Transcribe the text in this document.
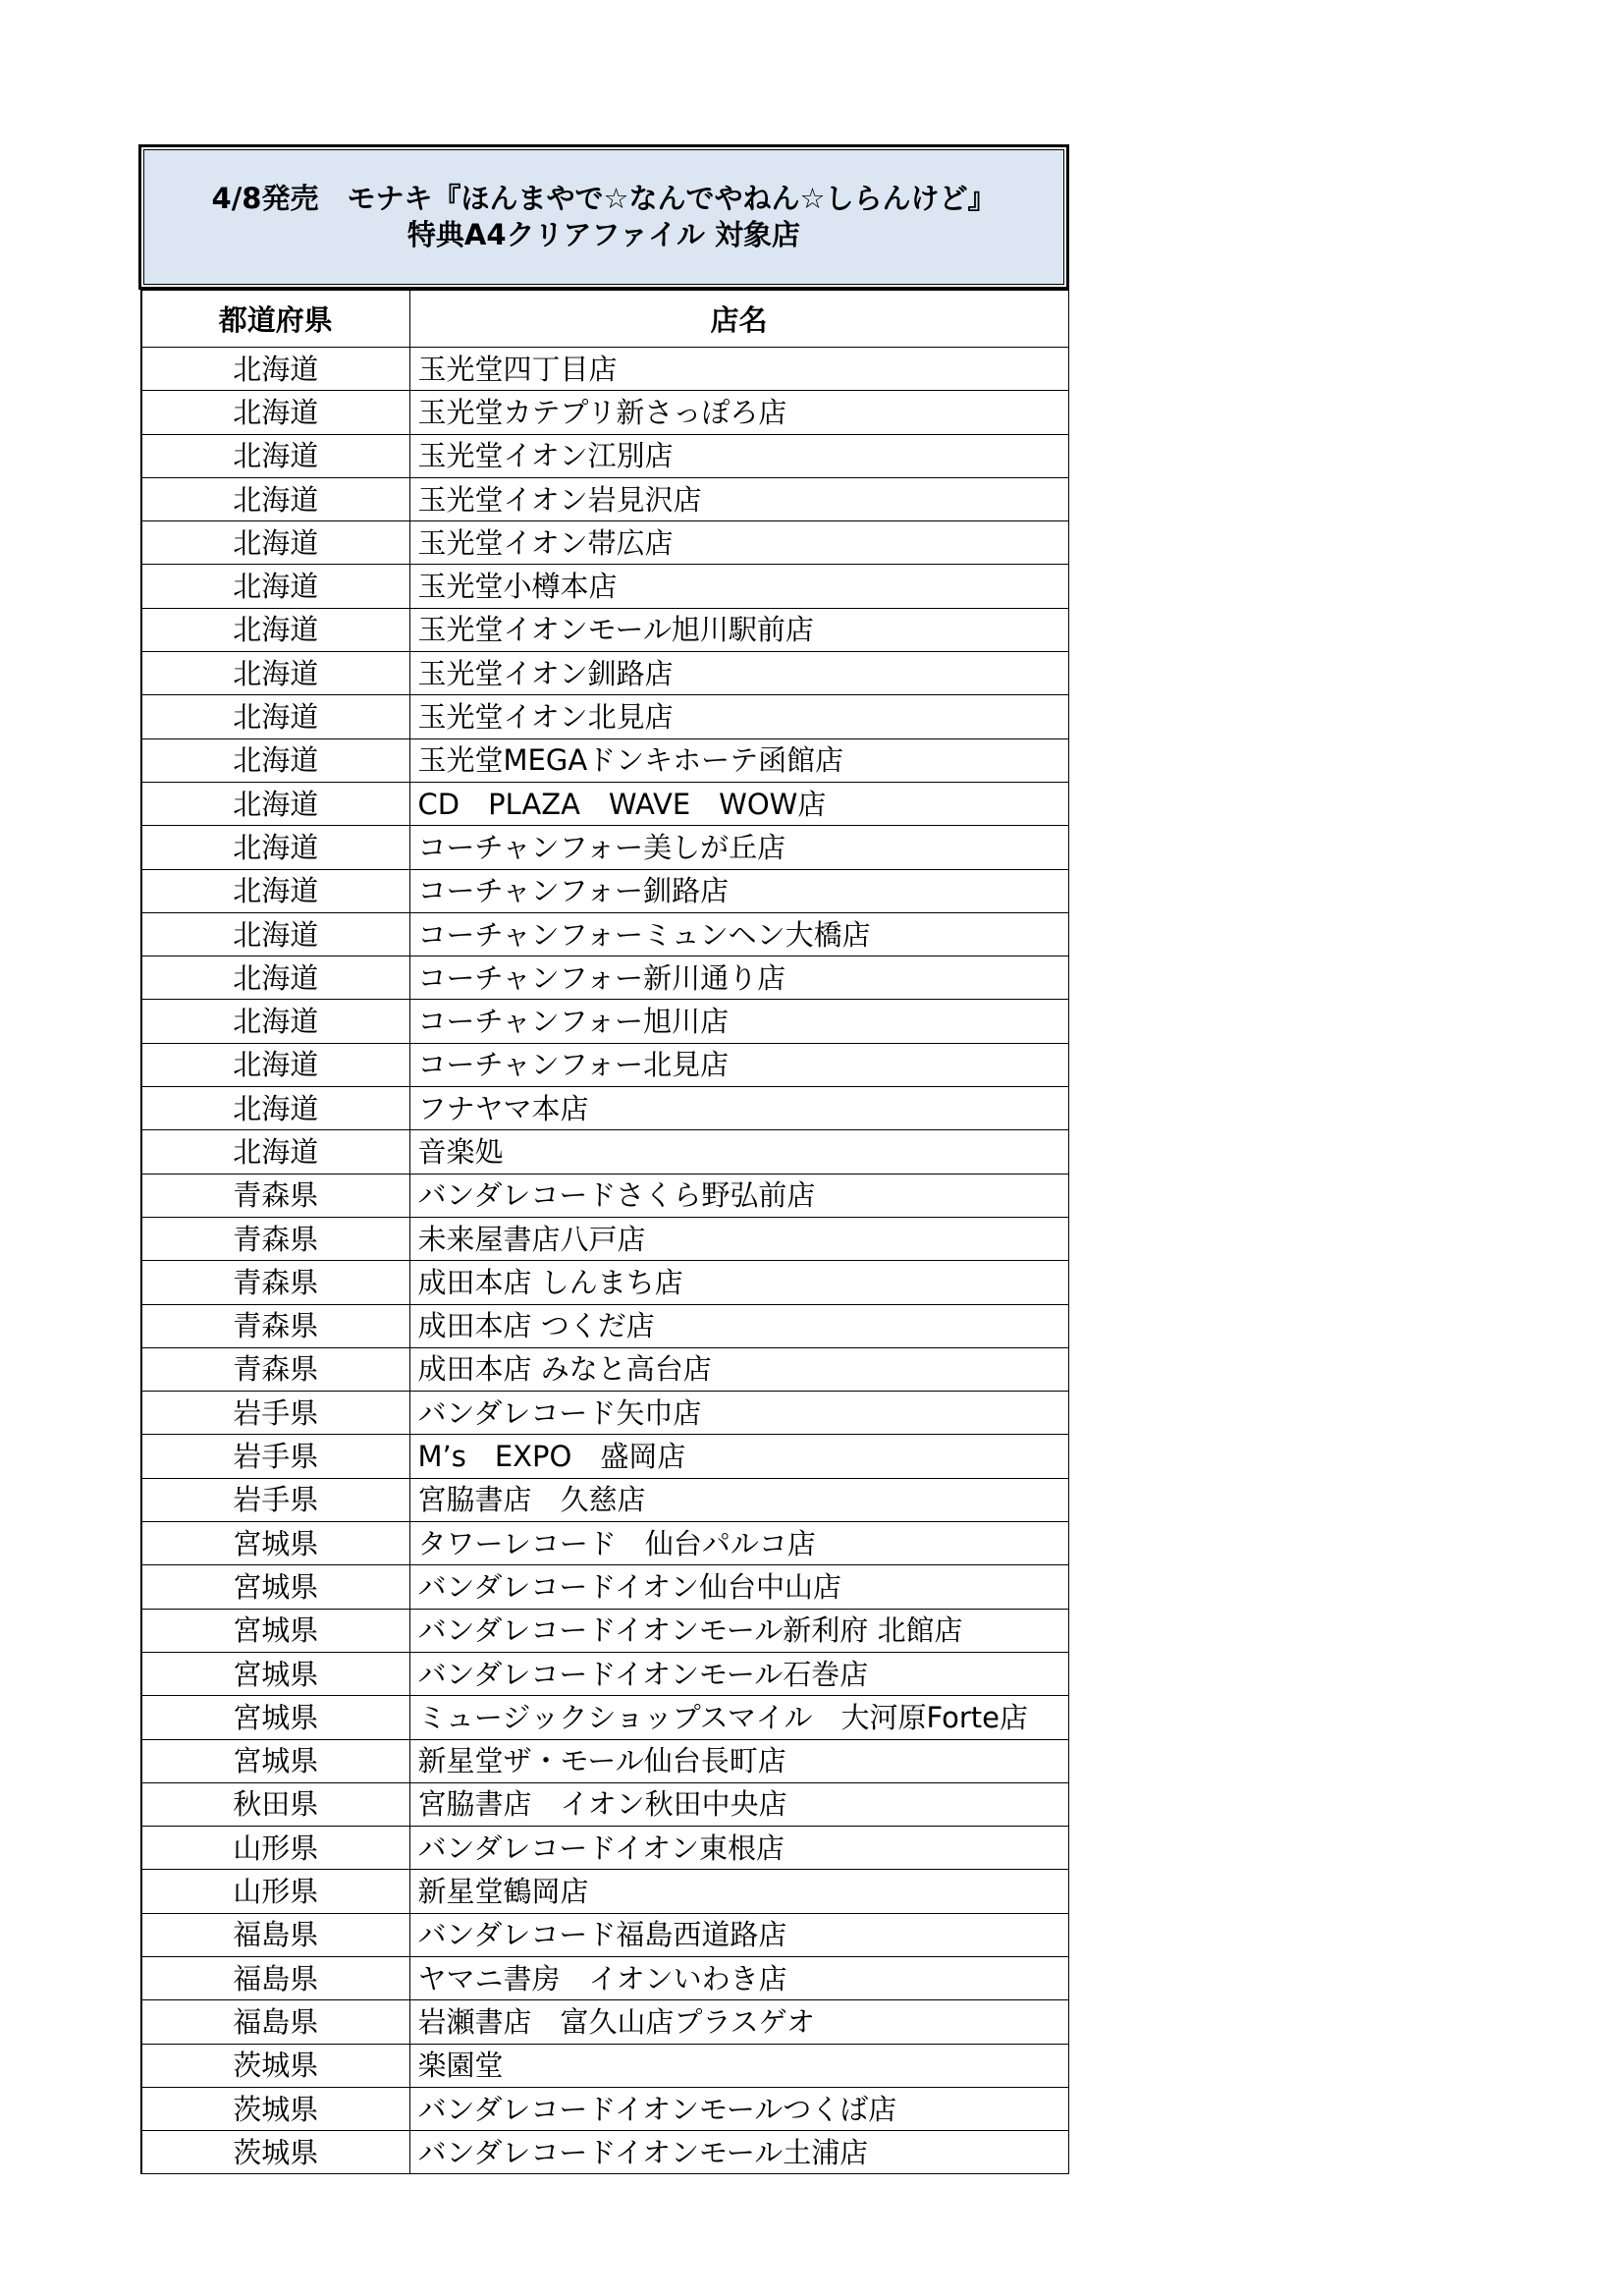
4/8発売　モナキ『ほんまやで☆なんでやねん☆しらんけど』
特典A4クリアファイル 対象店
都道府県	店名
北海道	玉光堂四丁目店
北海道	玉光堂カテプリ新さっぽろ店
北海道	玉光堂イオン江別店
北海道	玉光堂イオン岩見沢店
北海道	玉光堂イオン帯広店
北海道	玉光堂小樽本店
北海道	玉光堂イオンモール旭川駅前店
北海道	玉光堂イオン釧路店
北海道	玉光堂イオン北見店
北海道	玉光堂MEGAドンキホーテ函館店
北海道	CD　PLAZA　WAVE　WOW店
北海道	コーチャンフォー美しが丘店
北海道	コーチャンフォー釧路店
北海道	コーチャンフォーミュンヘン大橋店
北海道	コーチャンフォー新川通り店
北海道	コーチャンフォー旭川店
北海道	コーチャンフォー北見店
北海道	フナヤマ本店
北海道	音楽処
青森県	バンダレコードさくら野弘前店
青森県	未来屋書店八戸店
青森県	成田本店 しんまち店
青森県	成田本店 つくだ店
青森県	成田本店 みなと高台店
岩手県	バンダレコード矢巾店
岩手県	M’s　EXPO　盛岡店
岩手県	宮脇書店　久慈店
宮城県	タワーレコード　仙台パルコ店
宮城県	バンダレコードイオン仙台中山店
宮城県	バンダレコードイオンモール新利府 北館店
宮城県	バンダレコードイオンモール石巻店
宮城県	ミュージックショップスマイル　大河原Forte店
宮城県	新星堂ザ・モール仙台長町店
秋田県	宮脇書店　イオン秋田中央店
山形県	バンダレコードイオン東根店
山形県	新星堂鶴岡店
福島県	バンダレコード福島西道路店
福島県	ヤマニ書房　イオンいわき店
福島県	岩瀬書店　富久山店プラスゲオ
茨城県	楽園堂
茨城県	バンダレコードイオンモールつくば店
茨城県	バンダレコードイオンモール土浦店
